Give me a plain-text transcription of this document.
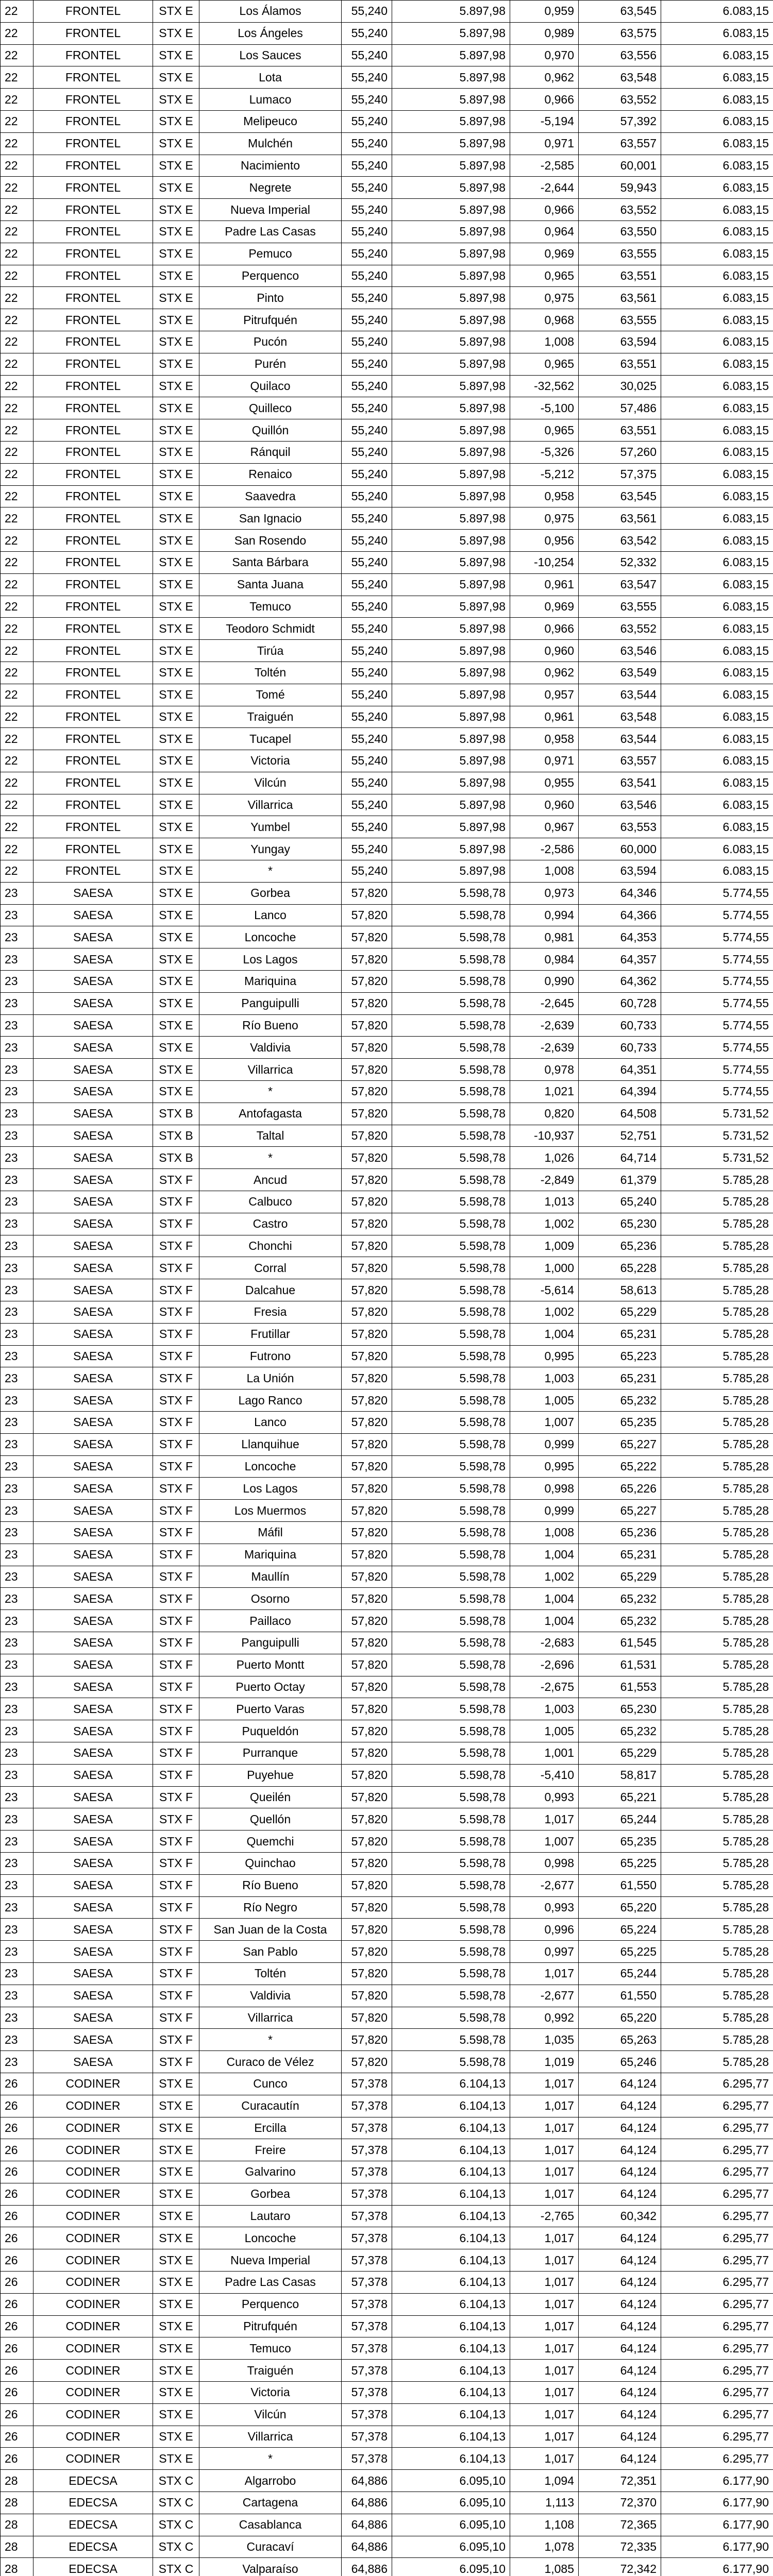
22	FRONTEL	STX E	Los Álamos	55,240	5.897,98	0,959	63,545	6.083,15
22	FRONTEL	STX E	Los Ángeles	55,240	5.897,98	0,989	63,575	6.083,15
22	FRONTEL	STX E	Los Sauces	55,240	5.897,98	0,970	63,556	6.083,15
22	FRONTEL	STX E	Lota	55,240	5.897,98	0,962	63,548	6.083,15
22	FRONTEL	STX E	Lumaco	55,240	5.897,98	0,966	63,552	6.083,15
22	FRONTEL	STX E	Melipeuco	55,240	5.897,98	-5,194	57,392	6.083,15
22	FRONTEL	STX E	Mulchén	55,240	5.897,98	0,971	63,557	6.083,15
22	FRONTEL	STX E	Nacimiento	55,240	5.897,98	-2,585	60,001	6.083,15
22	FRONTEL	STX E	Negrete	55,240	5.897,98	-2,644	59,943	6.083,15
22	FRONTEL	STX E	Nueva Imperial	55,240	5.897,98	0,966	63,552	6.083,15
22	FRONTEL	STX E	Padre Las Casas	55,240	5.897,98	0,964	63,550	6.083,15
22	FRONTEL	STX E	Pemuco	55,240	5.897,98	0,969	63,555	6.083,15
22	FRONTEL	STX E	Perquenco	55,240	5.897,98	0,965	63,551	6.083,15
22	FRONTEL	STX E	Pinto	55,240	5.897,98	0,975	63,561	6.083,15
22	FRONTEL	STX E	Pitrufquén	55,240	5.897,98	0,968	63,555	6.083,15
22	FRONTEL	STX E	Pucón	55,240	5.897,98	1,008	63,594	6.083,15
22	FRONTEL	STX E	Purén	55,240	5.897,98	0,965	63,551	6.083,15
22	FRONTEL	STX E	Quilaco	55,240	5.897,98	-32,562	30,025	6.083,15
22	FRONTEL	STX E	Quilleco	55,240	5.897,98	-5,100	57,486	6.083,15
22	FRONTEL	STX E	Quillón	55,240	5.897,98	0,965	63,551	6.083,15
22	FRONTEL	STX E	Ránquil	55,240	5.897,98	-5,326	57,260	6.083,15
22	FRONTEL	STX E	Renaico	55,240	5.897,98	-5,212	57,375	6.083,15
22	FRONTEL	STX E	Saavedra	55,240	5.897,98	0,958	63,545	6.083,15
22	FRONTEL	STX E	San Ignacio	55,240	5.897,98	0,975	63,561	6.083,15
22	FRONTEL	STX E	San Rosendo	55,240	5.897,98	0,956	63,542	6.083,15
22	FRONTEL	STX E	Santa Bárbara	55,240	5.897,98	-10,254	52,332	6.083,15
22	FRONTEL	STX E	Santa Juana	55,240	5.897,98	0,961	63,547	6.083,15
22	FRONTEL	STX E	Temuco	55,240	5.897,98	0,969	63,555	6.083,15
22	FRONTEL	STX E	Teodoro Schmidt	55,240	5.897,98	0,966	63,552	6.083,15
22	FRONTEL	STX E	Tirúa	55,240	5.897,98	0,960	63,546	6.083,15
22	FRONTEL	STX E	Toltén	55,240	5.897,98	0,962	63,549	6.083,15
22	FRONTEL	STX E	Tomé	55,240	5.897,98	0,957	63,544	6.083,15
22	FRONTEL	STX E	Traiguén	55,240	5.897,98	0,961	63,548	6.083,15
22	FRONTEL	STX E	Tucapel	55,240	5.897,98	0,958	63,544	6.083,15
22	FRONTEL	STX E	Victoria	55,240	5.897,98	0,971	63,557	6.083,15
22	FRONTEL	STX E	Vilcún	55,240	5.897,98	0,955	63,541	6.083,15
22	FRONTEL	STX E	Villarrica	55,240	5.897,98	0,960	63,546	6.083,15
22	FRONTEL	STX E	Yumbel	55,240	5.897,98	0,967	63,553	6.083,15
22	FRONTEL	STX E	Yungay	55,240	5.897,98	-2,586	60,000	6.083,15
22	FRONTEL	STX E	*	55,240	5.897,98	1,008	63,594	6.083,15
23	SAESA	STX E	Gorbea	57,820	5.598,78	0,973	64,346	5.774,55
23	SAESA	STX E	Lanco	57,820	5.598,78	0,994	64,366	5.774,55
23	SAESA	STX E	Loncoche	57,820	5.598,78	0,981	64,353	5.774,55
23	SAESA	STX E	Los Lagos	57,820	5.598,78	0,984	64,357	5.774,55
23	SAESA	STX E	Mariquina	57,820	5.598,78	0,990	64,362	5.774,55
23	SAESA	STX E	Panguipulli	57,820	5.598,78	-2,645	60,728	5.774,55
23	SAESA	STX E	Río Bueno	57,820	5.598,78	-2,639	60,733	5.774,55
23	SAESA	STX E	Valdivia	57,820	5.598,78	-2,639	60,733	5.774,55
23	SAESA	STX E	Villarrica	57,820	5.598,78	0,978	64,351	5.774,55
23	SAESA	STX E	*	57,820	5.598,78	1,021	64,394	5.774,55
23	SAESA	STX B	Antofagasta	57,820	5.598,78	0,820	64,508	5.731,52
23	SAESA	STX B	Taltal	57,820	5.598,78	-10,937	52,751	5.731,52
23	SAESA	STX B	*	57,820	5.598,78	1,026	64,714	5.731,52
23	SAESA	STX F	Ancud	57,820	5.598,78	-2,849	61,379	5.785,28
23	SAESA	STX F	Calbuco	57,820	5.598,78	1,013	65,240	5.785,28
23	SAESA	STX F	Castro	57,820	5.598,78	1,002	65,230	5.785,28
23	SAESA	STX F	Chonchi	57,820	5.598,78	1,009	65,236	5.785,28
23	SAESA	STX F	Corral	57,820	5.598,78	1,000	65,228	5.785,28
23	SAESA	STX F	Dalcahue	57,820	5.598,78	-5,614	58,613	5.785,28
23	SAESA	STX F	Fresia	57,820	5.598,78	1,002	65,229	5.785,28
23	SAESA	STX F	Frutillar	57,820	5.598,78	1,004	65,231	5.785,28
23	SAESA	STX F	Futrono	57,820	5.598,78	0,995	65,223	5.785,28
23	SAESA	STX F	La Unión	57,820	5.598,78	1,003	65,231	5.785,28
23	SAESA	STX F	Lago Ranco	57,820	5.598,78	1,005	65,232	5.785,28
23	SAESA	STX F	Lanco	57,820	5.598,78	1,007	65,235	5.785,28
23	SAESA	STX F	Llanquihue	57,820	5.598,78	0,999	65,227	5.785,28
23	SAESA	STX F	Loncoche	57,820	5.598,78	0,995	65,222	5.785,28
23	SAESA	STX F	Los Lagos	57,820	5.598,78	0,998	65,226	5.785,28
23	SAESA	STX F	Los Muermos	57,820	5.598,78	0,999	65,227	5.785,28
23	SAESA	STX F	Máfil	57,820	5.598,78	1,008	65,236	5.785,28
23	SAESA	STX F	Mariquina	57,820	5.598,78	1,004	65,231	5.785,28
23	SAESA	STX F	Maullín	57,820	5.598,78	1,002	65,229	5.785,28
23	SAESA	STX F	Osorno	57,820	5.598,78	1,004	65,232	5.785,28
23	SAESA	STX F	Paillaco	57,820	5.598,78	1,004	65,232	5.785,28
23	SAESA	STX F	Panguipulli	57,820	5.598,78	-2,683	61,545	5.785,28
23	SAESA	STX F	Puerto Montt	57,820	5.598,78	-2,696	61,531	5.785,28
23	SAESA	STX F	Puerto Octay	57,820	5.598,78	-2,675	61,553	5.785,28
23	SAESA	STX F	Puerto Varas	57,820	5.598,78	1,003	65,230	5.785,28
23	SAESA	STX F	Puqueldón	57,820	5.598,78	1,005	65,232	5.785,28
23	SAESA	STX F	Purranque	57,820	5.598,78	1,001	65,229	5.785,28
23	SAESA	STX F	Puyehue	57,820	5.598,78	-5,410	58,817	5.785,28
23	SAESA	STX F	Queilén	57,820	5.598,78	0,993	65,221	5.785,28
23	SAESA	STX F	Quellón	57,820	5.598,78	1,017	65,244	5.785,28
23	SAESA	STX F	Quemchi	57,820	5.598,78	1,007	65,235	5.785,28
23	SAESA	STX F	Quinchao	57,820	5.598,78	0,998	65,225	5.785,28
23	SAESA	STX F	Río Bueno	57,820	5.598,78	-2,677	61,550	5.785,28
23	SAESA	STX F	Río Negro	57,820	5.598,78	0,993	65,220	5.785,28
23	SAESA	STX F	San Juan de la Costa	57,820	5.598,78	0,996	65,224	5.785,28
23	SAESA	STX F	San Pablo	57,820	5.598,78	0,997	65,225	5.785,28
23	SAESA	STX F	Toltén	57,820	5.598,78	1,017	65,244	5.785,28
23	SAESA	STX F	Valdivia	57,820	5.598,78	-2,677	61,550	5.785,28
23	SAESA	STX F	Villarrica	57,820	5.598,78	0,992	65,220	5.785,28
23	SAESA	STX F	*	57,820	5.598,78	1,035	65,263	5.785,28
23	SAESA	STX F	Curaco de Vélez	57,820	5.598,78	1,019	65,246	5.785,28
26	CODINER	STX E	Cunco	57,378	6.104,13	1,017	64,124	6.295,77
26	CODINER	STX E	Curacautín	57,378	6.104,13	1,017	64,124	6.295,77
26	CODINER	STX E	Ercilla	57,378	6.104,13	1,017	64,124	6.295,77
26	CODINER	STX E	Freire	57,378	6.104,13	1,017	64,124	6.295,77
26	CODINER	STX E	Galvarino	57,378	6.104,13	1,017	64,124	6.295,77
26	CODINER	STX E	Gorbea	57,378	6.104,13	1,017	64,124	6.295,77
26	CODINER	STX E	Lautaro	57,378	6.104,13	-2,765	60,342	6.295,77
26	CODINER	STX E	Loncoche	57,378	6.104,13	1,017	64,124	6.295,77
26	CODINER	STX E	Nueva Imperial	57,378	6.104,13	1,017	64,124	6.295,77
26	CODINER	STX E	Padre Las Casas	57,378	6.104,13	1,017	64,124	6.295,77
26	CODINER	STX E	Perquenco	57,378	6.104,13	1,017	64,124	6.295,77
26	CODINER	STX E	Pitrufquén	57,378	6.104,13	1,017	64,124	6.295,77
26	CODINER	STX E	Temuco	57,378	6.104,13	1,017	64,124	6.295,77
26	CODINER	STX E	Traiguén	57,378	6.104,13	1,017	64,124	6.295,77
26	CODINER	STX E	Victoria	57,378	6.104,13	1,017	64,124	6.295,77
26	CODINER	STX E	Vilcún	57,378	6.104,13	1,017	64,124	6.295,77
26	CODINER	STX E	Villarrica	57,378	6.104,13	1,017	64,124	6.295,77
26	CODINER	STX E	*	57,378	6.104,13	1,017	64,124	6.295,77
28	EDECSA	STX C	Algarrobo	64,886	6.095,10	1,094	72,351	6.177,90
28	EDECSA	STX C	Cartagena	64,886	6.095,10	1,113	72,370	6.177,90
28	EDECSA	STX C	Casablanca	64,886	6.095,10	1,108	72,365	6.177,90
28	EDECSA	STX C	Curacaví	64,886	6.095,10	1,078	72,335	6.177,90
28	EDECSA	STX C	Valparaíso	64,886	6.095,10	1,085	72,342	6.177,90
